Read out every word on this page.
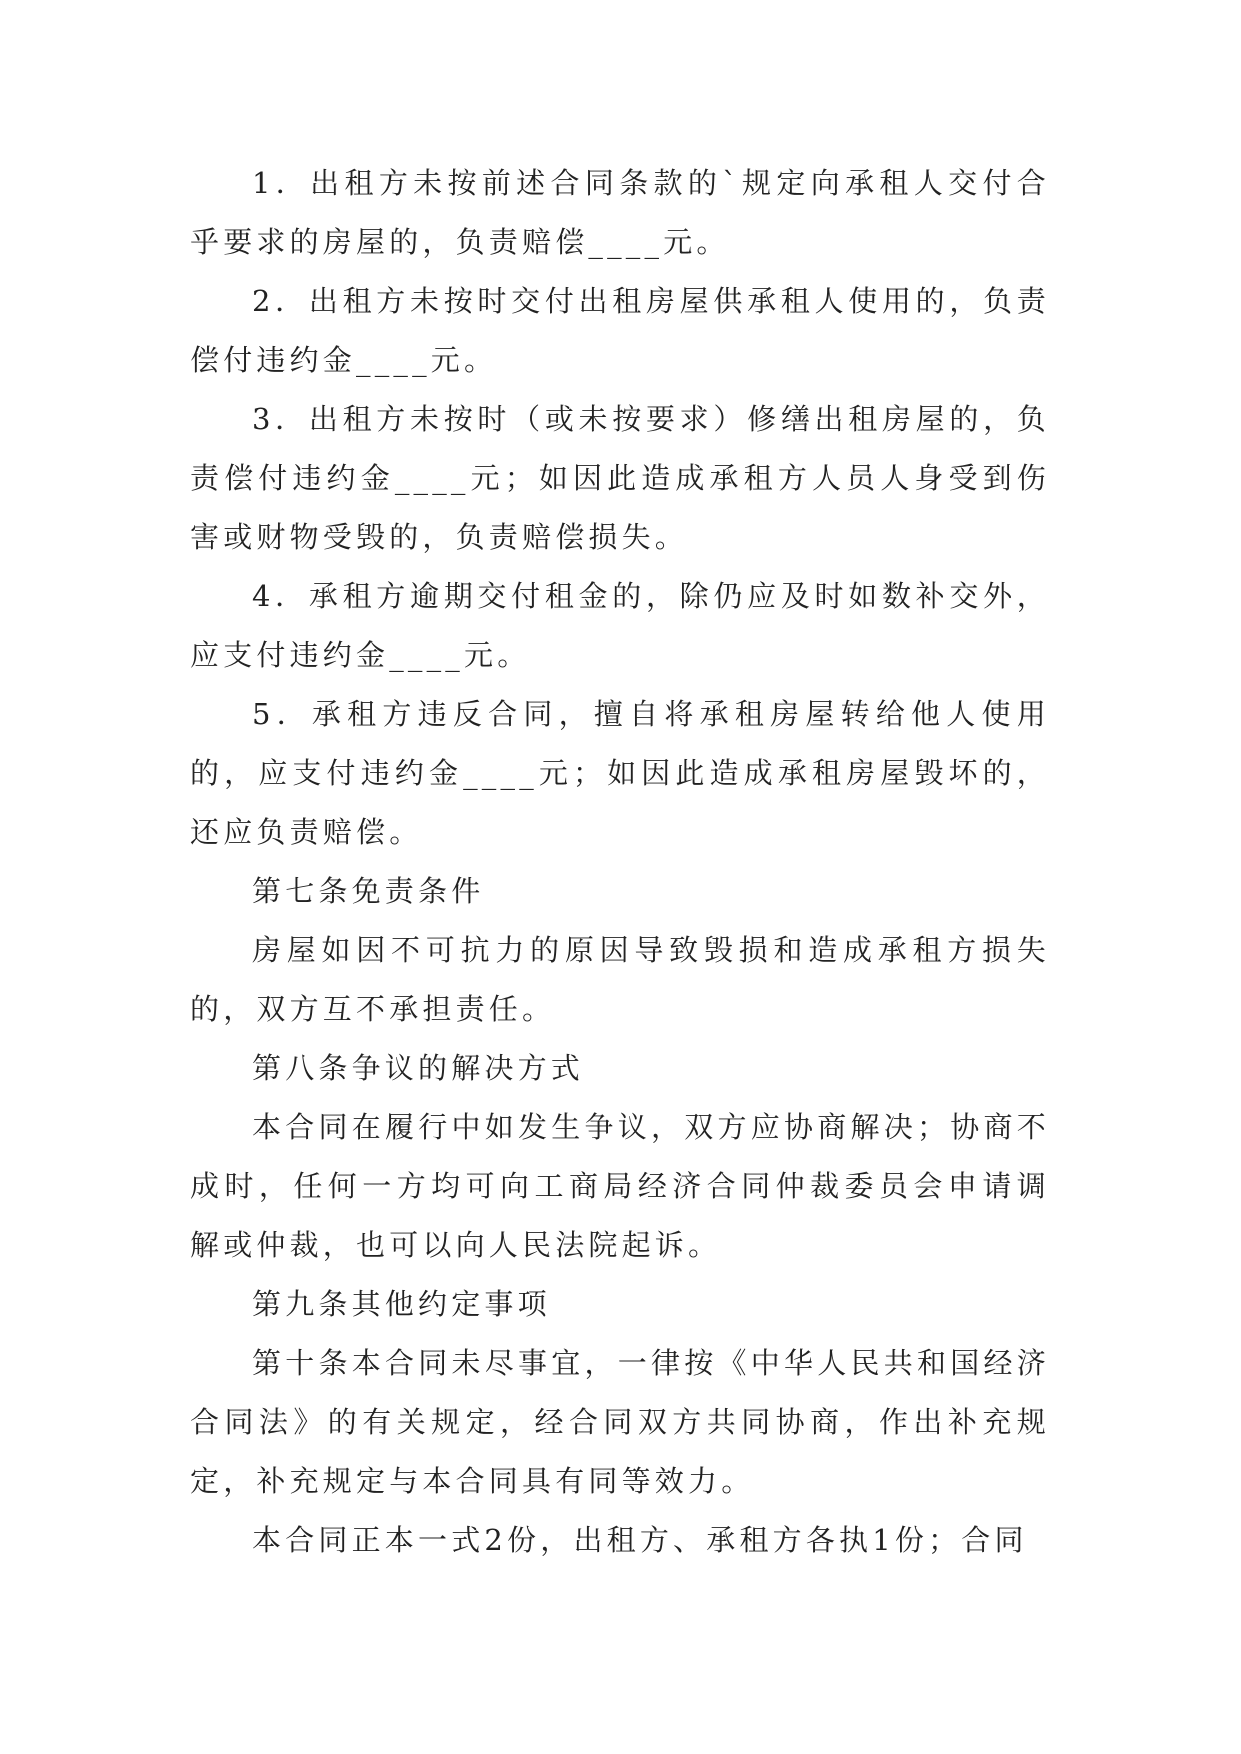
1．出租方未按前述合同条款的`规定向承租人交付合乎要求的房屋的，负责赔偿____元。

2．出租方未按时交付出租房屋供承租人使用的，负责偿付违约金____元。

3．出租方未按时（或未按要求）修缮出租房屋的，负责偿付违约金____元；如因此造成承租方人员人身受到伤害或财物受毁的，负责赔偿损失。

4．承租方逾期交付租金的，除仍应及时如数补交外，应支付违约金____元。

5．承租方违反合同，擅自将承租房屋转给他人使用的，应支付违约金____元；如因此造成承租房屋毁坏的，还应负责赔偿。

第七条免责条件

房屋如因不可抗力的原因导致毁损和造成承租方损失的，双方互不承担责任。

第八条争议的解决方式

本合同在履行中如发生争议，双方应协商解决；协商不成时，任何一方均可向工商局经济合同仲裁委员会申请调解或仲裁，也可以向人民法院起诉。

第九条其他约定事项

第十条本合同未尽事宜，一律按《中华人民共和国经济合同法》的有关规定，经合同双方共同协商，作出补充规定，补充规定与本合同具有同等效力。

本合同正本一式2份，出租方、承租方各执1份；合同
